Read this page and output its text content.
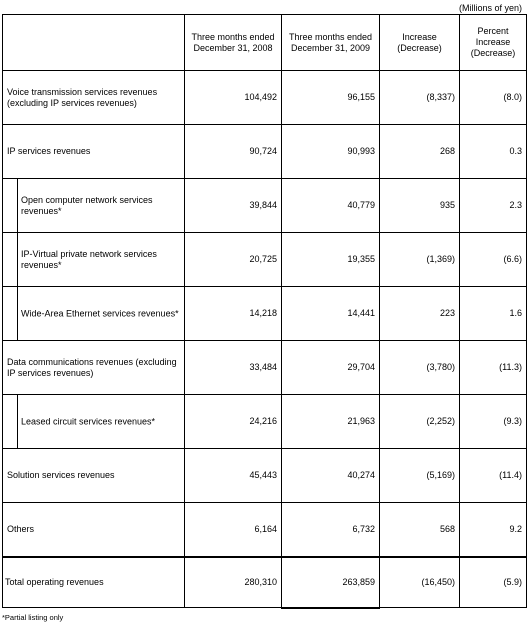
(Millions of yen)
	Three months ended December 31, 2008	Three months ended December 31, 2009	Increase (Decrease)	Percent Increase (Decrease)
Voice transmission services revenues (excluding IP services revenues)	104,492	96,155	(8,337)	(8.0)
IP services revenues	90,724	90,993	268	0.3

Open computer network services revenues*	39,844	40,779	935	2.3

IP-Virtual private network services revenues*	20,725	19,355	(1,369)	(6.6)

Wide-Area Ethernet services revenues*	14,218	14,441	223	1.6
Data communications revenues (excluding IP services revenues)	33,484	29,704	(3,780)	(11.3)

Leased circuit services revenues*	24,216	21,963	(2,252)	(9.3)
Solution services revenues	45,443	40,274	(5,169)	(11.4)
Others	6,164	6,732	568	9.2
Total operating revenues	280,310	263,859	(16,450)	(5.9)
*Partial listing only
